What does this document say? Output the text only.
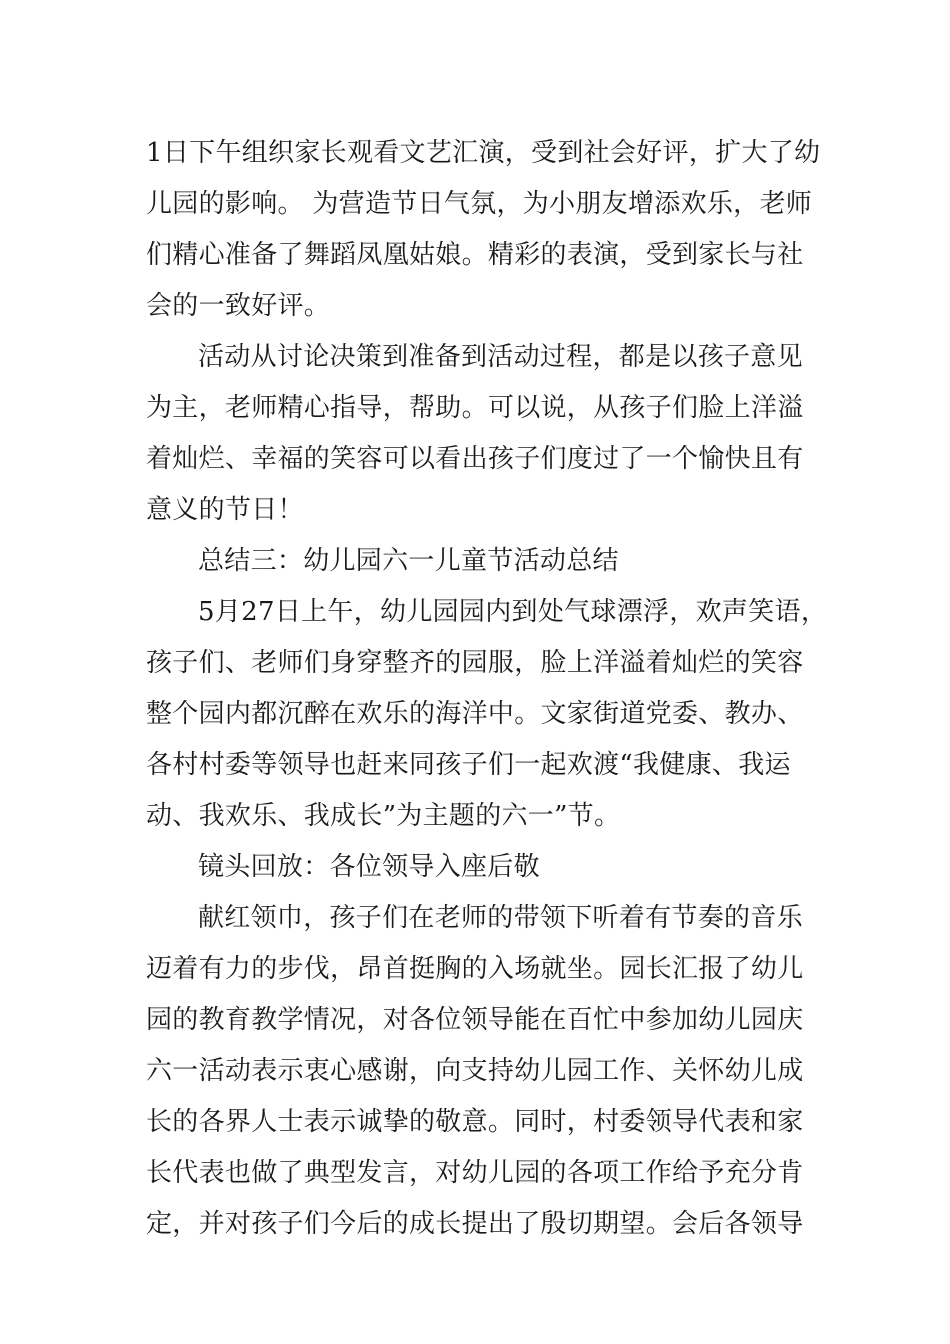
1日下午组织家长观看文艺汇演，受到社会好评，扩大了幼
儿园的影响。 为营造节日气氛，为小朋友增添欢乐，老师
们精心准备了舞蹈凤凰姑娘。精彩的表演，受到家长与社
会的一致好评。
活动从讨论决策到准备到活动过程，都是以孩子意见
为主，老师精心指导，帮助。可以说，从孩子们脸上洋溢
着灿烂、幸福的笑容可以看出孩子们度过了一个愉快且有
意义的节日！
总结三：幼儿园六一儿童节活动总结
5月27日上午，幼儿园园内到处气球漂浮，欢声笑语，
孩子们、老师们身穿整齐的园服，脸上洋溢着灿烂的笑容
整个园内都沉醉在欢乐的海洋中。文家街道党委、教办、
各村村委等领导也赶来同孩子们一起欢渡“我健康、我运
动、我欢乐、我成长”为主题的六一”节。
镜头回放：各位领导入座后敬
献红领巾，孩子们在老师的带领下听着有节奏的音乐
迈着有力的步伐，昂首挺胸的入场就坐。园长汇报了幼儿
园的教育教学情况，对各位领导能在百忙中参加幼儿园庆
六一活动表示衷心感谢，向支持幼儿园工作、关怀幼儿成
长的各界人士表示诚挚的敬意。同时，村委领导代表和家
长代表也做了典型发言，对幼儿园的各项工作给予充分肯
定，并对孩子们今后的成长提出了殷切期望。会后各领导
